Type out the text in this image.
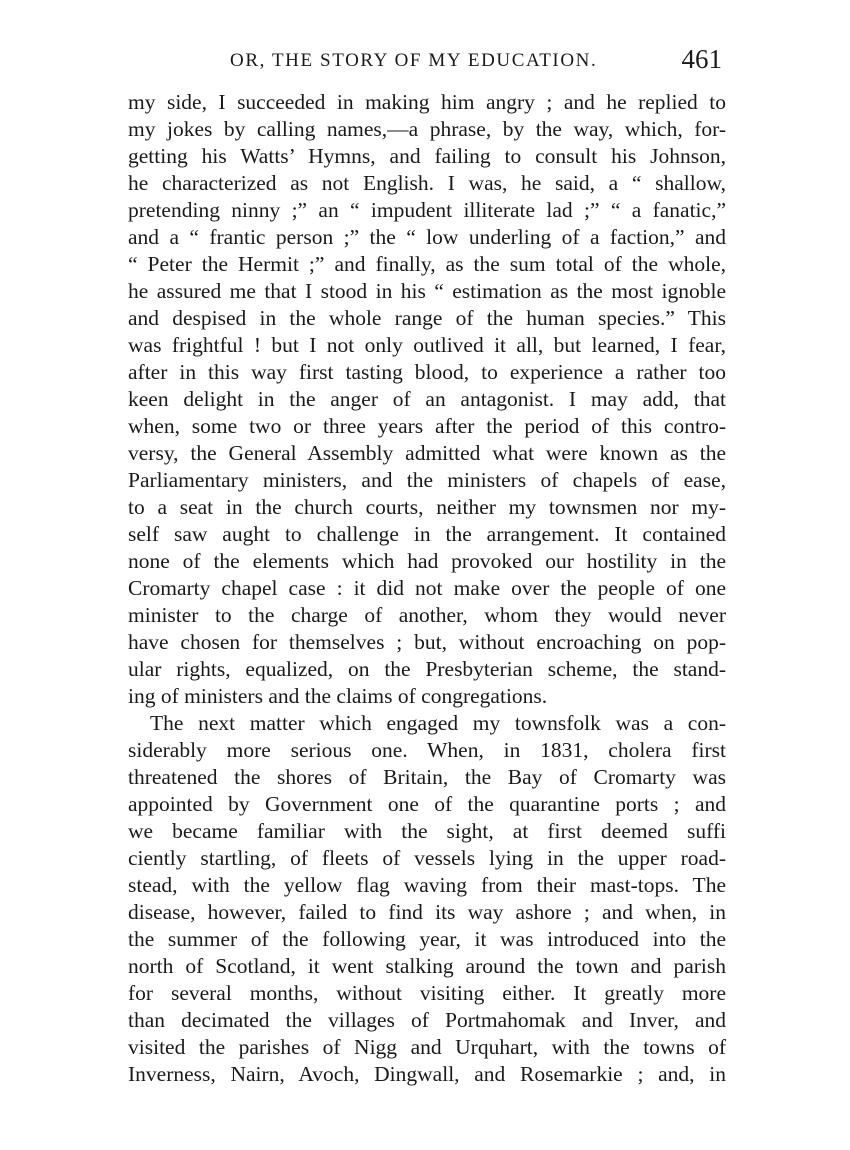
OR, THE STORY OF MY EDUCATION.	461
my side, I succeeded in making him angry ; and he replied to
my jokes by calling names,—a phrase, by the way, which, for-
getting his Watts’ Hymns, and failing to consult his Johnson,
he characterized as not English. I was, he said, a “ shallow,
pretending ninny ;” an “ impudent illiterate lad ;” “ a fanatic,”
and a “ frantic person ;” the “ low underling of a faction,” and
“ Peter the Hermit ;” and finally, as the sum total of the whole,
he assured me that I stood in his “ estimation as the most ignoble
and despised in the whole range of the human species.” This
was frightful ! but I not only outlived it all, but learned, I fear,
after in this way first tasting blood, to experience a rather too
keen delight in the anger of an antagonist. I may add, that
when, some two or three years after the period of this contro-
versy, the General Assembly admitted what were known as the
Parliamentary ministers, and the ministers of chapels of ease,
to a seat in the church courts, neither my townsmen nor my-
self saw aught to challenge in the arrangement. It contained
none of the elements which had provoked our hostility in the
Cromarty chapel case : it did not make over the people of one
minister to the charge of another, whom they would never
have chosen for themselves ; but, without encroaching on pop-
ular rights, equalized, on the Presbyterian scheme, the stand-
ing of ministers and the claims of congregations.
The next matter which engaged my townsfolk was a con-
siderably more serious one. When, in 1831, cholera first
threatened the shores of Britain, the Bay of Cromarty was
appointed by Government one of the quarantine ports ; and
we became familiar with the sight, at first deemed suffi
ciently startling, of fleets of vessels lying in the upper road-
stead, with the yellow flag waving from their mast-tops. The
disease, however, failed to find its way ashore ; and when, in
the summer of the following year, it was introduced into the
north of Scotland, it went stalking around the town and parish
for several months, without visiting either. It greatly more
than decimated the villages of Portmahomak and Inver, and
visited the parishes of Nigg and Urquhart, with the towns of
Inverness, Nairn, Avoch, Dingwall, and Rosemarkie ; and, in
